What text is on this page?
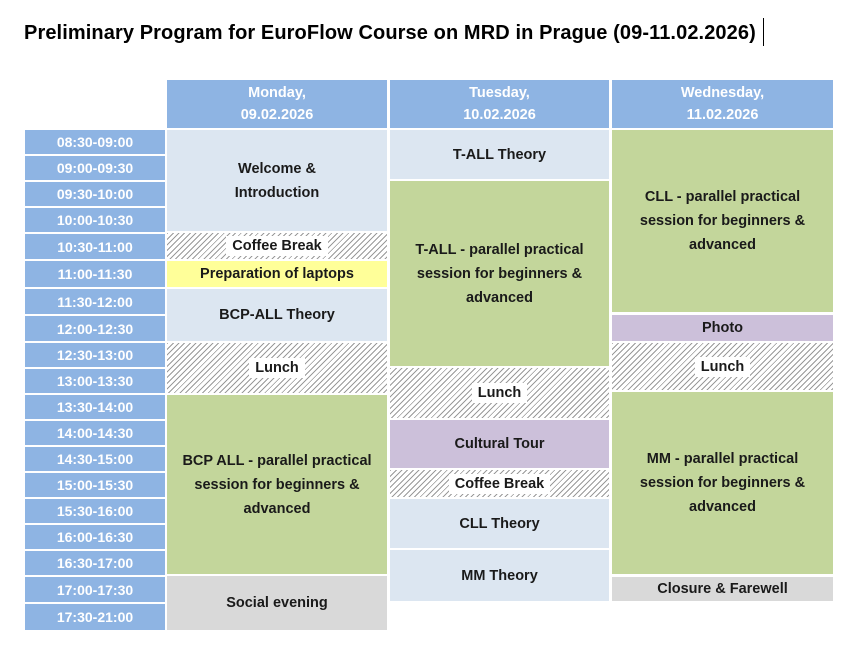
Preliminary Program for EuroFlow Course on MRD in Prague (09-11.02.2026)
Monday,
09.02.2026
Tuesday,
10.02.2026
Wednesday,
11.02.2026
08:30-09:00
09:00-09:30
09:30-10:00
10:00-10:30
10:30-11:00
11:00-11:30
11:30-12:00
12:00-12:30
12:30-13:00
13:00-13:30
13:30-14:00
14:00-14:30
14:30-15:00
15:00-15:30
15:30-16:00
16:00-16:30
16:30-17:00
17:00-17:30
17:30-21:00
Welcome &
Introduction
Coffee Break
Preparation of laptops
BCP-ALL Theory
Lunch
BCP ALL - parallel practical
session for beginners &
advanced
Social evening
T-ALL Theory
T-ALL - parallel practical
session for beginners &
advanced
Lunch
Cultural Tour
Coffee Break
CLL Theory
MM Theory
CLL - parallel practical
session for beginners &
advanced
Photo
Lunch
MM - parallel practical
session for beginners &
advanced
Closure & Farewell
